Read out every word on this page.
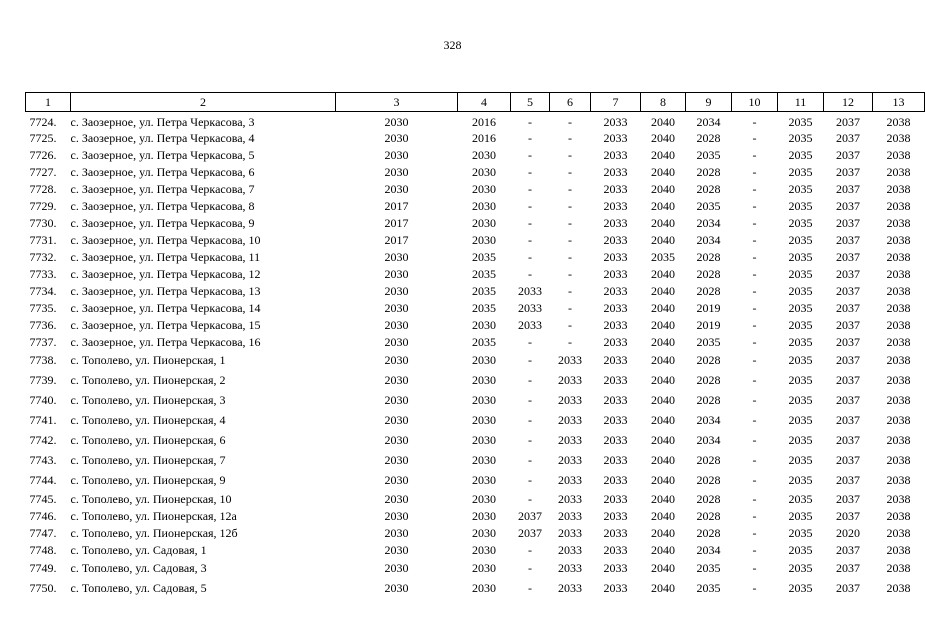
328
1	2	3	4	5	6	7	8	9	10	11	12	13
7724.	с. Заозерное, ул. Петра Черкасова, 3	2030	2016	-	-	2033	2040	2034	-	2035	2037	2038
7725.	с. Заозерное, ул. Петра Черкасова, 4	2030	2016	-	-	2033	2040	2028	-	2035	2037	2038
7726.	с. Заозерное, ул. Петра Черкасова, 5	2030	2030	-	-	2033	2040	2035	-	2035	2037	2038
7727.	с. Заозерное, ул. Петра Черкасова, 6	2030	2030	-	-	2033	2040	2028	-	2035	2037	2038
7728.	с. Заозерное, ул. Петра Черкасова, 7	2030	2030	-	-	2033	2040	2028	-	2035	2037	2038
7729.	с. Заозерное, ул. Петра Черкасова, 8	2017	2030	-	-	2033	2040	2035	-	2035	2037	2038
7730.	с. Заозерное, ул. Петра Черкасова, 9	2017	2030	-	-	2033	2040	2034	-	2035	2037	2038
7731.	с. Заозерное, ул. Петра Черкасова, 10	2017	2030	-	-	2033	2040	2034	-	2035	2037	2038
7732.	с. Заозерное, ул. Петра Черкасова, 11	2030	2035	-	-	2033	2035	2028	-	2035	2037	2038
7733.	с. Заозерное, ул. Петра Черкасова, 12	2030	2035	-	-	2033	2040	2028	-	2035	2037	2038
7734.	с. Заозерное, ул. Петра Черкасова, 13	2030	2035	2033	-	2033	2040	2028	-	2035	2037	2038
7735.	с. Заозерное, ул. Петра Черкасова, 14	2030	2035	2033	-	2033	2040	2019	-	2035	2037	2038
7736.	с. Заозерное, ул. Петра Черкасова, 15	2030	2030	2033	-	2033	2040	2019	-	2035	2037	2038
7737.	с. Заозерное, ул. Петра Черкасова, 16	2030	2035	-	-	2033	2040	2035	-	2035	2037	2038
7738.	с. Тополево, ул. Пионерская, 1	2030	2030	-	2033	2033	2040	2028	-	2035	2037	2038
7739.	с. Тополево, ул. Пионерская, 2	2030	2030	-	2033	2033	2040	2028	-	2035	2037	2038
7740.	с. Тополево, ул. Пионерская, 3	2030	2030	-	2033	2033	2040	2028	-	2035	2037	2038
7741.	с. Тополево, ул. Пионерская, 4	2030	2030	-	2033	2033	2040	2034	-	2035	2037	2038
7742.	с. Тополево, ул. Пионерская, 6	2030	2030	-	2033	2033	2040	2034	-	2035	2037	2038
7743.	с. Тополево, ул. Пионерская, 7	2030	2030	-	2033	2033	2040	2028	-	2035	2037	2038
7744.	с. Тополево, ул. Пионерская, 9	2030	2030	-	2033	2033	2040	2028	-	2035	2037	2038
7745.	с. Тополево, ул. Пионерская, 10	2030	2030	-	2033	2033	2040	2028	-	2035	2037	2038
7746.	с. Тополево, ул. Пионерская, 12а	2030	2030	2037	2033	2033	2040	2028	-	2035	2037	2038
7747.	с. Тополево, ул. Пионерская, 12б	2030	2030	2037	2033	2033	2040	2028	-	2035	2020	2038
7748.	с. Тополево, ул. Садовая, 1	2030	2030	-	2033	2033	2040	2034	-	2035	2037	2038
7749.	с. Тополево, ул. Садовая, 3	2030	2030	-	2033	2033	2040	2035	-	2035	2037	2038
7750.	с. Тополево, ул. Садовая, 5	2030	2030	-	2033	2033	2040	2035	-	2035	2037	2038
